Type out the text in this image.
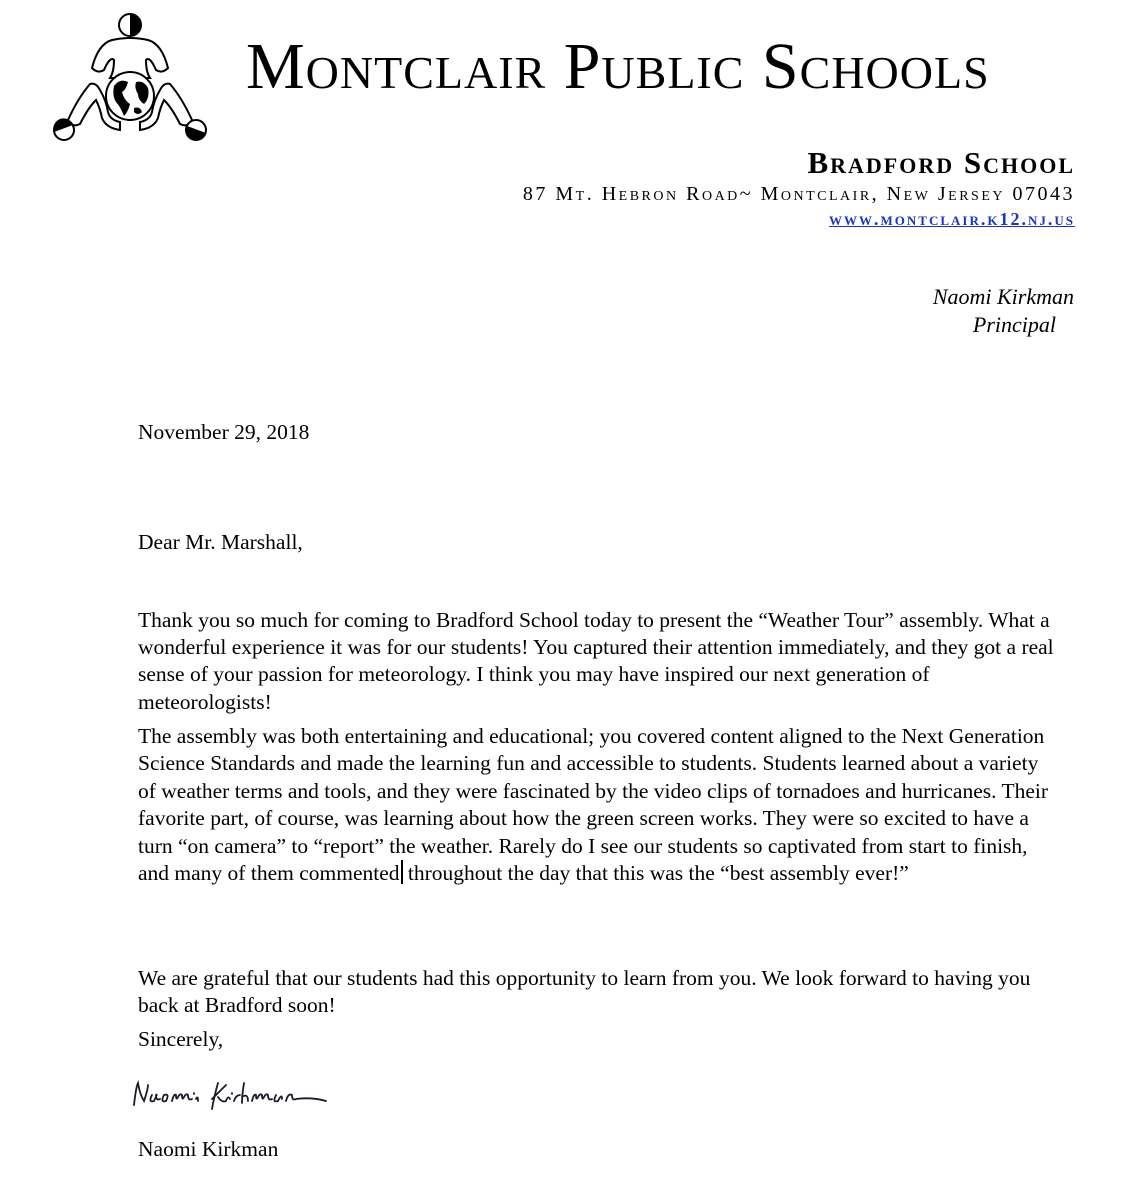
Montclair Public Schools
Bradford School
87 Mt. Hebron Road~ Montclair, New Jersey 07043
www.montclair.k12.nj.us
Naomi Kirkman
Principal
November 29, 2018
Dear Mr. Marshall,

Thank you so much for coming to Bradford School today to present the “Weather Tour” assembly. What a wonderful experience it was for our students! You captured their attention immediately, and they got a real sense of your passion for meteorology. I think you may have inspired our next generation of meteorologists!

The assembly was both entertaining and educational; you covered content aligned to the Next Generation Science Standards and made the learning fun and accessible to students. Students learned about a variety of weather terms and tools, and they were fascinated by the video clips of tornadoes and hurricanes. Their favorite part, of course, was learning about how the green screen works. They were so excited to have a turn “on camera” to “report” the weather. Rarely do I see our students so captivated from start to finish, and many of them commented throughout the day that this was the “best assembly ever!”

We are grateful that our students had this opportunity to learn from you. We look forward to having you back at Bradford soon!

Sincerely,
Naomi Kirkman
